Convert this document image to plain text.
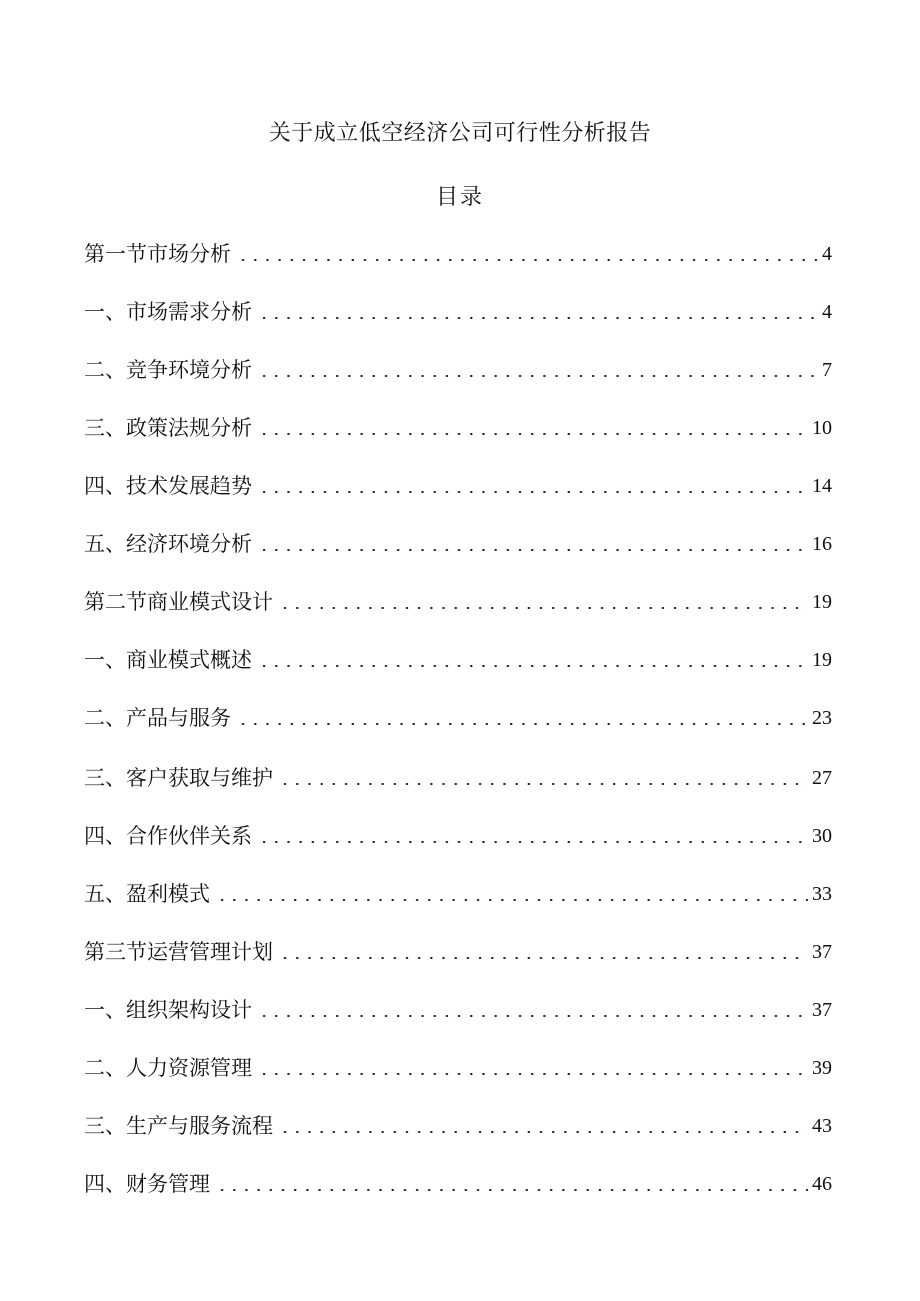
关于成立低空经济公司可行性分析报告
目录
第一节市场分析	4
一、市场需求分析	4
二、竞争环境分析	7
三、政策法规分析	10
四、技术发展趋势	14
五、经济环境分析	16
第二节商业模式设计	19
一、商业模式概述	19
二、产品与服务	23
三、客户获取与维护	27
四、合作伙伴关系	30
五、盈利模式	33
第三节运营管理计划	37
一、组织架构设计	37
二、人力资源管理	39
三、生产与服务流程	43
四、财务管理	46
